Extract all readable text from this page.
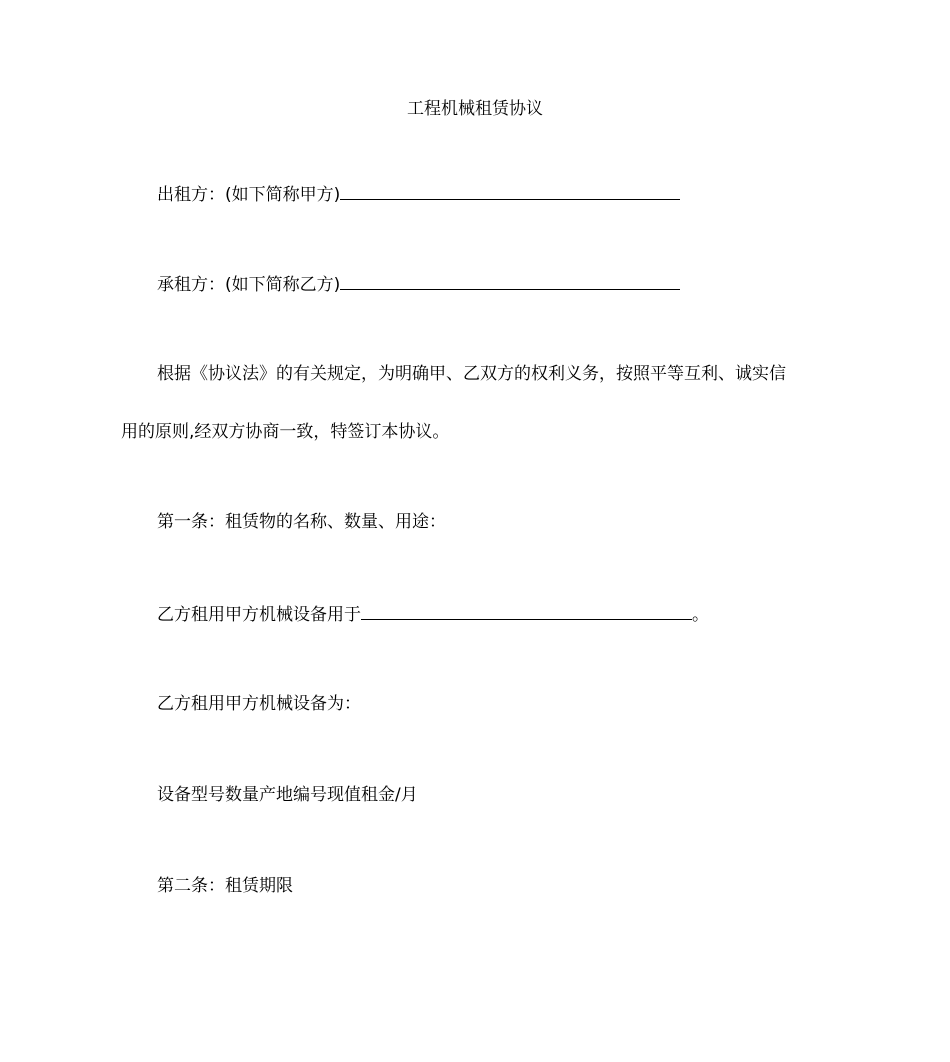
工程机械租赁协议

出租方：(如下简称甲方)

承租方：(如下简称乙方)

根据《协议法》的有关规定，为明确甲、乙双方的权利义务，按照平等互利、诚实信

用的原则,经双方协商一致，特签订本协议。

第一条：租赁物的名称、数量、用途：

乙方租用甲方机械设备用于	。

乙方租用甲方机械设备为：

设备型号数量产地编号现值租金/月

第二条：租赁期限
